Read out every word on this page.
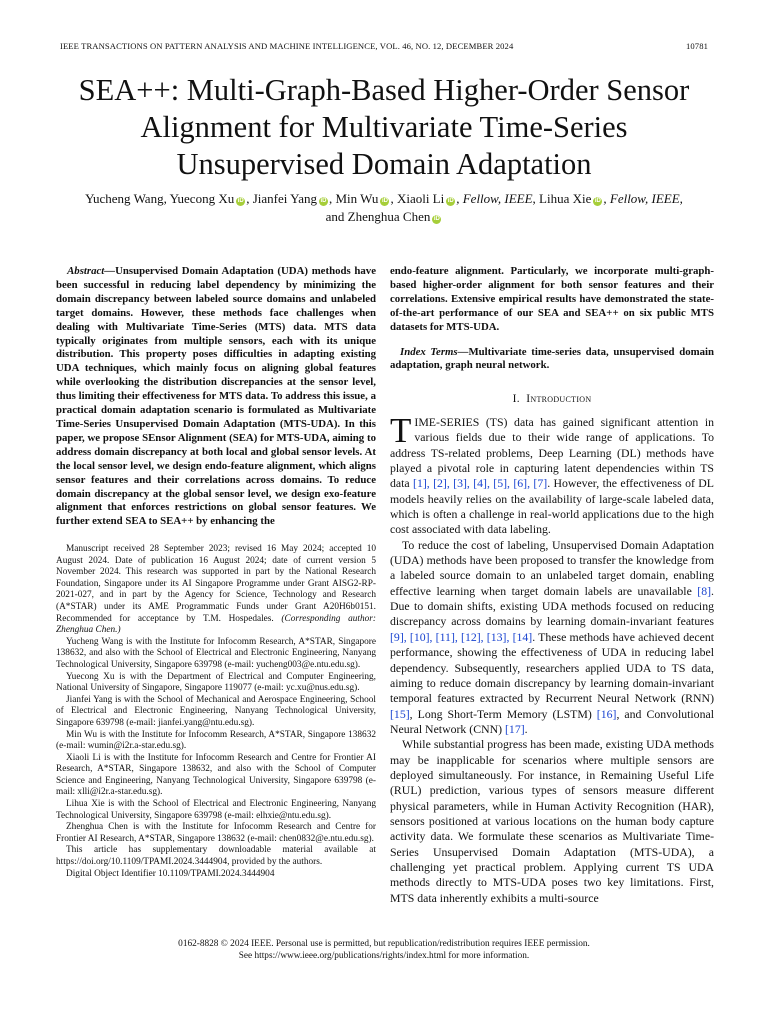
IEEE TRANSACTIONS ON PATTERN ANALYSIS AND MACHINE INTELLIGENCE, VOL. 46, NO. 12, DECEMBER 2024	10781
SEA++: Multi-Graph-Based Higher-Order Sensor
Alignment for Multivariate Time-Series
Unsupervised Domain Adaptation
Yucheng Wang, Yuecong Xu iD , Jianfei Yang iD , Min Wu iD , Xiaoli Li iD , Fellow, IEEE, Lihua Xie iD , Fellow, IEEE,
and Zhenghua Chen iD
Abstract—Unsupervised Domain Adaptation (UDA) methods have been successful in reducing label dependency by minimizing the domain discrepancy between labeled source domains and unlabeled target domains. However, these methods face challenges when dealing with Multivariate Time-Series (MTS) data. MTS data typically originates from multiple sensors, each with its unique distribution. This property poses difficulties in adapting existing UDA techniques, which mainly focus on aligning global features while overlooking the distribution discrepancies at the sensor level, thus limiting their effectiveness for MTS data. To address this issue, a practical domain adaptation scenario is formulated as Multivariate Time-Series Unsupervised Domain Adaptation (MTS-UDA). In this paper, we propose SEnsor Alignment (SEA) for MTS-UDA, aiming to address domain discrepancy at both local and global sensor levels. At the local sensor level, we design endo-feature alignment, which aligns sensor features and their correlations across domains. To reduce domain discrepancy at the global sensor level, we design exo-feature alignment that enforces restrictions on global sensor features. We further extend SEA to SEA++ by enhancing the

Manuscript received 28 September 2023; revised 16 May 2024; accepted 10 August 2024. Date of publication 16 August 2024; date of current version 5 November 2024. This research was supported in part by the National Research Foundation, Singapore under its AI Singapore Programme under Grant AISG2-RP-2021-027, and in part by the Agency for Science, Technology and Research (A*STAR) under its AME Programmatic Funds under Grant A20H6b0151. Recommended for acceptance by T.M. Hospedales. (Corresponding author: Zhenghua Chen.)

Yucheng Wang is with the Institute for Infocomm Research, A*STAR, Singapore 138632, and also with the School of Electrical and Electronic Engineering, Nanyang Technological University, Singapore 639798 (e-mail: yucheng003@e.ntu.edu.sg).

Yuecong Xu is with the Department of Electrical and Computer Engineering, National University of Singapore, Singapore 119077 (e-mail: yc.xu@nus.edu.sg).

Jianfei Yang is with the School of Mechanical and Aerospace Engineering, School of Electrical and Electronic Engineering, Nanyang Technological University, Singapore 639798 (e-mail: jianfei.yang@ntu.edu.sg).

Min Wu is with the Institute for Infocomm Research, A*STAR, Singapore 138632 (e-mail: wumin@i2r.a-star.edu.sg).

Xiaoli Li is with the Institute for Infocomm Research and Centre for Frontier AI Research, A*STAR, Singapore 138632, and also with the School of Computer Science and Engineering, Nanyang Technological University, Singapore 639798 (e-mail: xlli@i2r.a-star.edu.sg).

Lihua Xie is with the School of Electrical and Electronic Engineering, Nanyang Technological University, Singapore 639798 (e-mail: elhxie@ntu.edu.sg).

Zhenghua Chen is with the Institute for Infocomm Research and Centre for Frontier AI Research, A*STAR, Singapore 138632 (e-mail: chen0832@e.ntu.edu.sg).

This article has supplementary downloadable material available at https://doi.org/10.1109/TPAMI.2024.3444904, provided by the authors.

Digital Object Identifier 10.1109/TPAMI.2024.3444904

endo-feature alignment. Particularly, we incorporate multi-graph-based higher-order alignment for both sensor features and their correlations. Extensive empirical results have demonstrated the state-of-the-art performance of our SEA and SEA++ on six public MTS datasets for MTS-UDA.

Index Terms—Multivariate time-series data, unsupervised domain adaptation, graph neural network.

I. Introduction

TIME-SERIES (TS) data has gained significant attention in various fields due to their wide range of applications. To address TS-related problems, Deep Learning (DL) methods have played a pivotal role in capturing latent dependencies within TS data [1], [2], [3], [4], [5], [6], [7]. However, the effectiveness of DL models heavily relies on the availability of large-scale labeled data, which is often a challenge in real-world applications due to the high cost associated with data labeling.

To reduce the cost of labeling, Unsupervised Domain Adaptation (UDA) methods have been proposed to transfer the knowledge from a labeled source domain to an unlabeled target domain, enabling effective learning when target domain labels are unavailable [8]. Due to domain shifts, existing UDA methods focused on reducing discrepancy across domains by learning domain-invariant features [9], [10], [11], [12], [13], [14]. These methods have achieved decent performance, showing the effectiveness of UDA in reducing label dependency. Subsequently, researchers applied UDA to TS data, aiming to reduce domain discrepancy by learning domain-invariant temporal features extracted by Recurrent Neural Network (RNN) [15], Long Short-Term Memory (LSTM) [16], and Convolutional Neural Network (CNN) [17].

While substantial progress has been made, existing UDA methods may be inapplicable for scenarios where multiple sensors are deployed simultaneously. For instance, in Remaining Useful Life (RUL) prediction, various types of sensors measure different physical parameters, while in Human Activity Recognition (HAR), sensors positioned at various locations on the human body capture activity data. We formulate these scenarios as Multivariate Time-Series Unsupervised Domain Adaptation (MTS-UDA), a challenging yet practical problem. Applying current TS UDA methods directly to MTS-UDA poses two key limitations. First, MTS data inherently exhibits a multi-source

0162-8828 © 2024 IEEE. Personal use is permitted, but republication/redistribution requires IEEE permission.
See https://www.ieee.org/publications/rights/index.html for more information.
